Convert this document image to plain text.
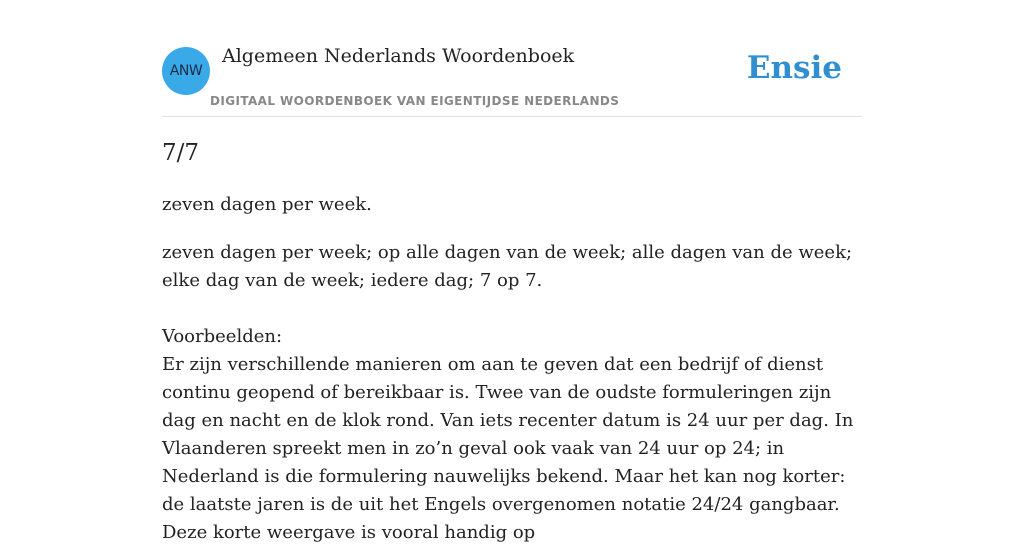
ANW
Algemeen Nederlands Woordenboek
DIGITAAL WOORDENBOEK VAN EIGENTIJDSE NEDERLANDS
Ensie
7/7
zeven dagen per week.

zeven dagen per week; op alle dagen van de week; alle dagen van de week; elke dag van de week; iedere dag; 7 op 7.

Voorbeelden:

Er zijn verschillende manieren om aan te geven dat een bedrijf of dienst continu geopend of bereikbaar is. Twee van de oudste formuleringen zijn dag en nacht en de klok rond. Van iets recenter datum is 24 uur per dag. In Vlaanderen spreekt men in zo’n geval ook vaak van 24 uur op 24; in Nederland is die formulering nauwelijks bekend. Maar het kan nog korter: de laatste jaren is de uit het Engels overgenomen notatie 24/24 gangbaar. Deze korte weergave is vooral handig op
